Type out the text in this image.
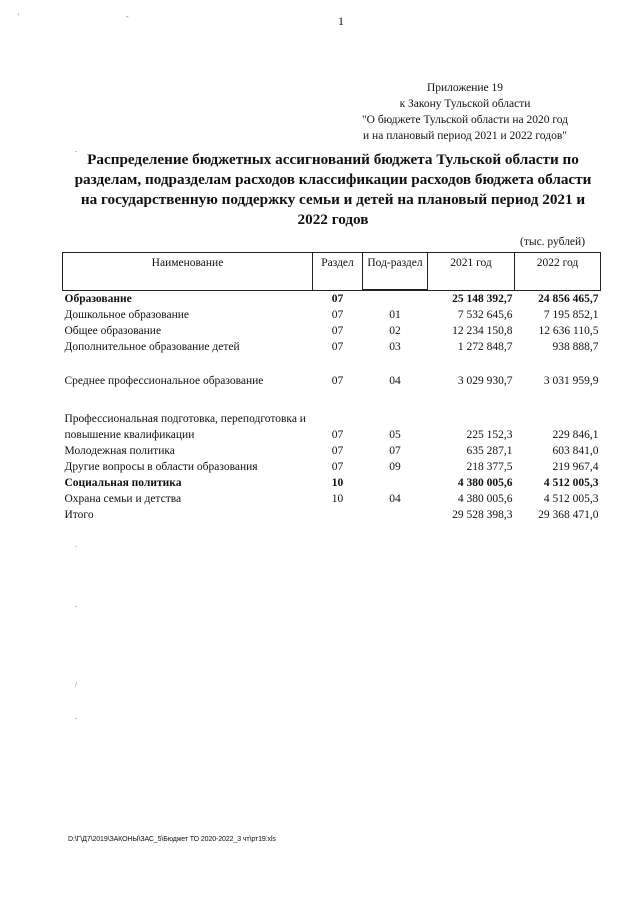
1
Приложение 19
к Закону Тульской области
"О бюджете Тульской области на 2020 год
и на плановый период 2021 и 2022 годов"
Распределение бюджетных ассигнований бюджета Тульской области по разделам, подразделам расходов классификации расходов бюджета области на государственную поддержку семьи и детей на плановый период 2021 и 2022 годов
(тыс. рублей)
Наименование	Раздел	Под-раздел	2021 год	2022 год
Образование	07		25 148 392,7	24 856 465,7
Дошкольное образование	07	01	7 532 645,6	7 195 852,1
Общее образование	07	02	12 234 150,8	12 636 110,5
Дополнительное образование детей	07	03	1 272 848,7	938 888,7
Среднее профессиональное образование	07	04	3 029 930,7	3 031 959,9
Профессиональная подготовка, переподготовка и повышение квалификации	07	05	225 152,3	229 846,1
Молодежная политика	07	07	635 287,1	603 841,0
Другие вопросы в области образования	07	09	218 377,5	219 967,4
Социальная политика	10		4 380 005,6	4 512 005,3
Охрана семьи и детства	10	04	4 380 005,6	4 512 005,3
Итого			29 528 398,3	29 368 471,0
D:\Г\Д7\2019\ЗАКОНЫ\ЗАС_5\Бюджет ТО 2020-2022_3 чт\рт19.xls
'	-
.
.
.
/
.
